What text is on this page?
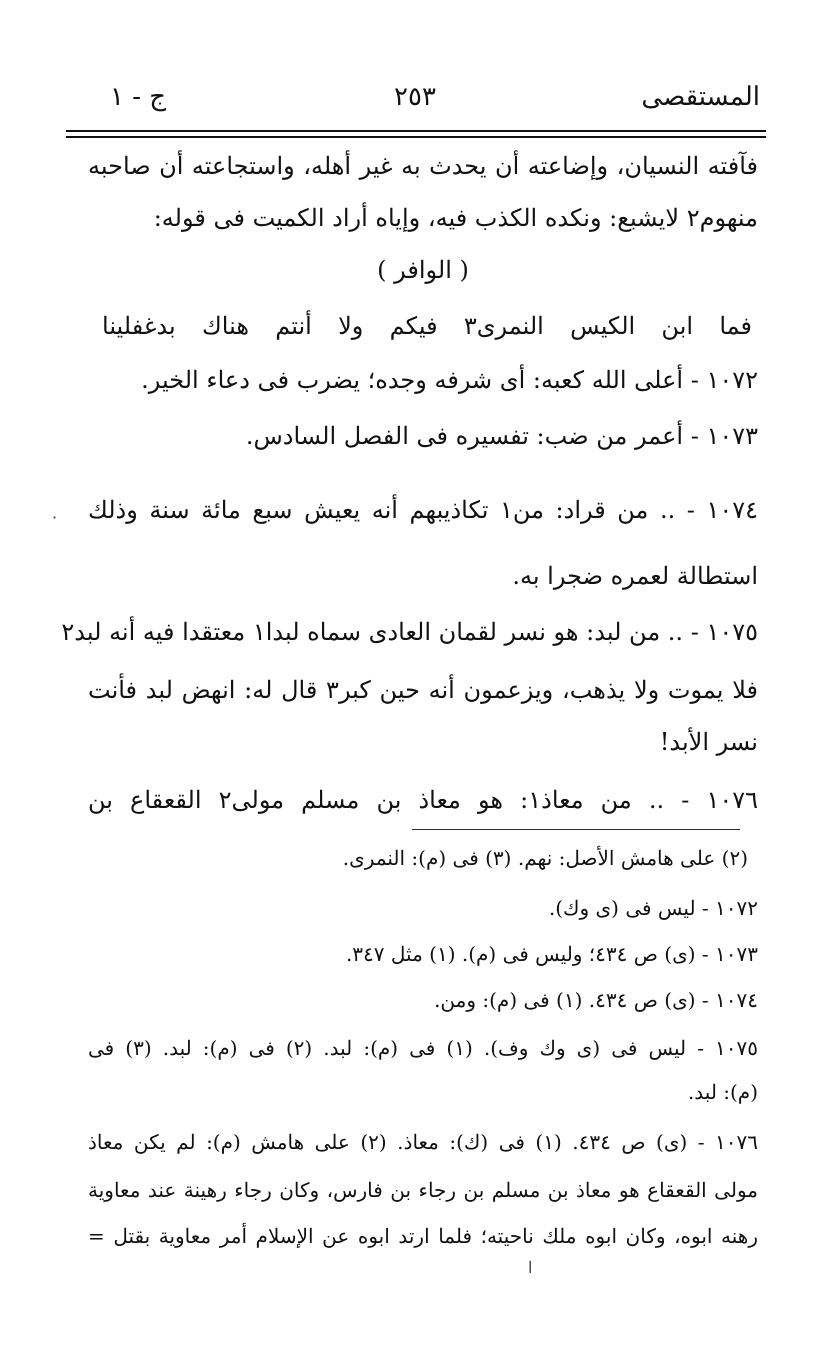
المستقصى
٢٥٣
ج - ١
فآفته النسيان، وإضاعته أن يحدث به غير أهله، واستجاعته أن صاحبه
منهوم٢ لايشبع: ونكده الكذب فيه، وإياه أراد الكميت فى قوله:
( الوافر )
فما ابن الكيس النمرى٣ فيكم ولا أنتم هناك بدغفلينا
١٠٧٢ - أعلى الله كعبه: أى شرفه وجده؛ يضرب فى دعاء الخير.
١٠٧٣ - أعمر من ضب: تفسيره فى الفصل السادس.
١٠٧٤ - .. من قراد: من١ تكاذيبهم أنه يعيش سبع مائة سنة وذلك
استطالة لعمره ضجرا به.
١٠٧٥ - .. من لبد: هو نسر لقمان العادى سماه لبدا١ معتقدا فيه أنه لبد٢
فلا يموت ولا يذهب، ويزعمون أنه حين كبر٣ قال له: انهض لبد فأنت
نسر الأبد!
١٠٧٦ - .. من معاذ١: هو معاذ بن مسلم مولى٢ القعقاع بن
(٢) على هامش الأصل: نهم. (٣) فى (م): النمرى.
١٠٧٢ - ليس فى (ى وك).
١٠٧٣ - (ى) ص ٤٣٤؛ وليس فى (م). (١) مثل ٣٤٧.
١٠٧٤ - (ى) ص ٤٣٤. (١) فى (م): ومن.
١٠٧٥ - ليس فى (ى وك وف). (١) فى (م): لبد. (٢) فى (م): لبد. (٣) فى
(م): لبد.
١٠٧٦ - (ى) ص ٤٣٤. (١) فى (ك): معاذ. (٢) على هامش (م): لم يكن معاذ
مولى القعقاع هو معاذ بن مسلم بن رجاء بن فارس، وكان رجاء رهينة عند معاوية
رهنه ابوه، وكان ابوه ملك ناحيته؛ فلما ارتد ابوه عن الإسلام أمر معاوية بقتل =
·
ا
